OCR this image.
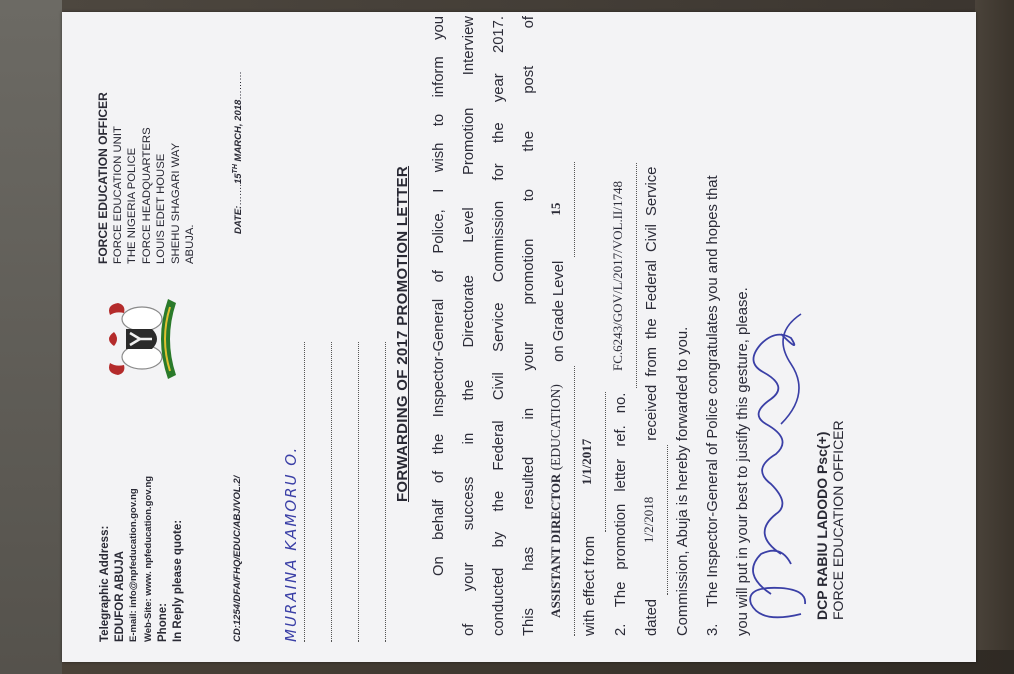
Telegraphic Address: EDUFOR ABUJA E-mail: info@npfeducation.gov.ng Web-Site: www. npfeducation.gov.ng Phone: In Reply please quote:
FORCE EDUCATION OFFICER FORCE EDUCATION UNIT THE NIGERIA POLICE FORCE HEADQUARTERS LOUIS EDET HOUSE SHEHU SHAGARI WAY ABUJA.
CD:1254/DFA/FHQ/EDUC/ABJ/VOL.2/
DATE:…….15TH MARCH, 2018………
MURAINA KAMORU O.
FORWARDING OF 2017 PROMOTION LETTER	On behalf of the Inspector-General of Police, I wish to inform you of your success in the Directorate Level Promotion Interview conducted by the Federal Civil Service Commission for the year 2017. This has resulted in your promotion to the post of ASSISTANT DIRECTOR (EDUCATION) on Grade Level 15

with effect from 1/1/2017

2.    The promotion letter ref. no. FC.6243/GOV/L/2017/VOL.II/1748

dated 1/2/2018 received from the Federal Civil Service

Commission, Abuja is hereby forwarded to you. 3.    The Inspector-General of Police congratulates you and hopes that you will put in your best to justify this gesture, please.	DCP RABIU LADODO Psc(+) FORCE EDUCATION OFFICER
